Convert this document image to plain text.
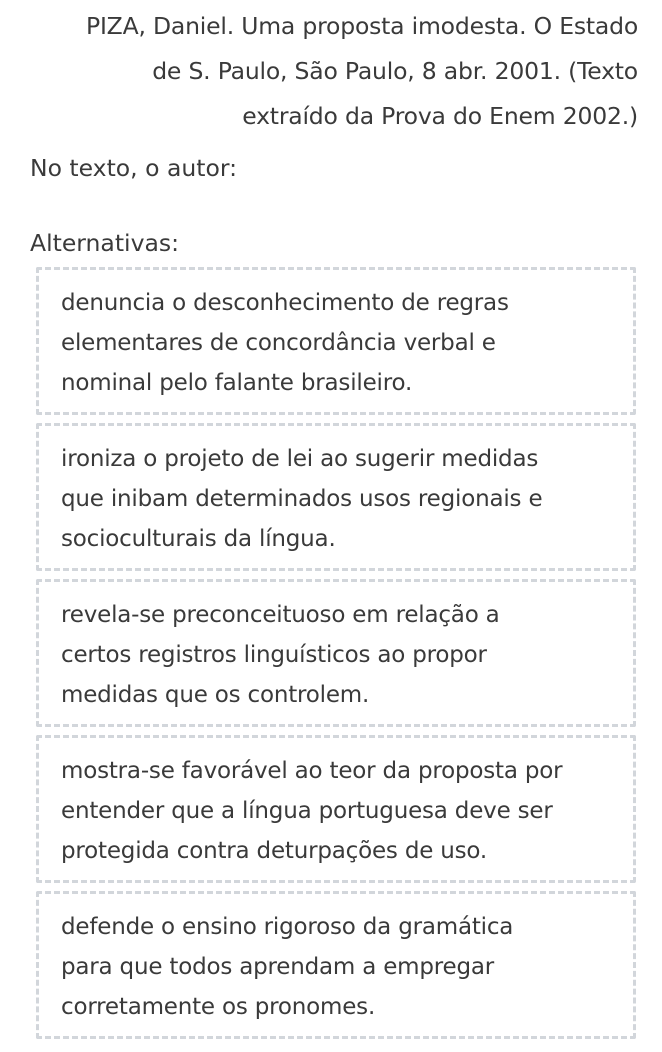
PIZA, Daniel. Uma proposta imodesta. O Estado
de S. Paulo, São Paulo, 8 abr. 2001. (Texto
extraído da Prova do Enem 2002.)
No texto, o autor:
Alternativas:
denuncia o desconhecimento de regras
elementares de concordância verbal e
nominal pelo falante brasileiro.
ironiza o projeto de lei ao sugerir medidas
que inibam determinados usos regionais e
socioculturais da língua.
revela-se preconceituoso em relação a
certos registros linguísticos ao propor
medidas que os controlem.
mostra-se favorável ao teor da proposta por
entender que a língua portuguesa deve ser
protegida contra deturpações de uso.
defende o ensino rigoroso da gramática
para que todos aprendam a empregar
corretamente os pronomes.
